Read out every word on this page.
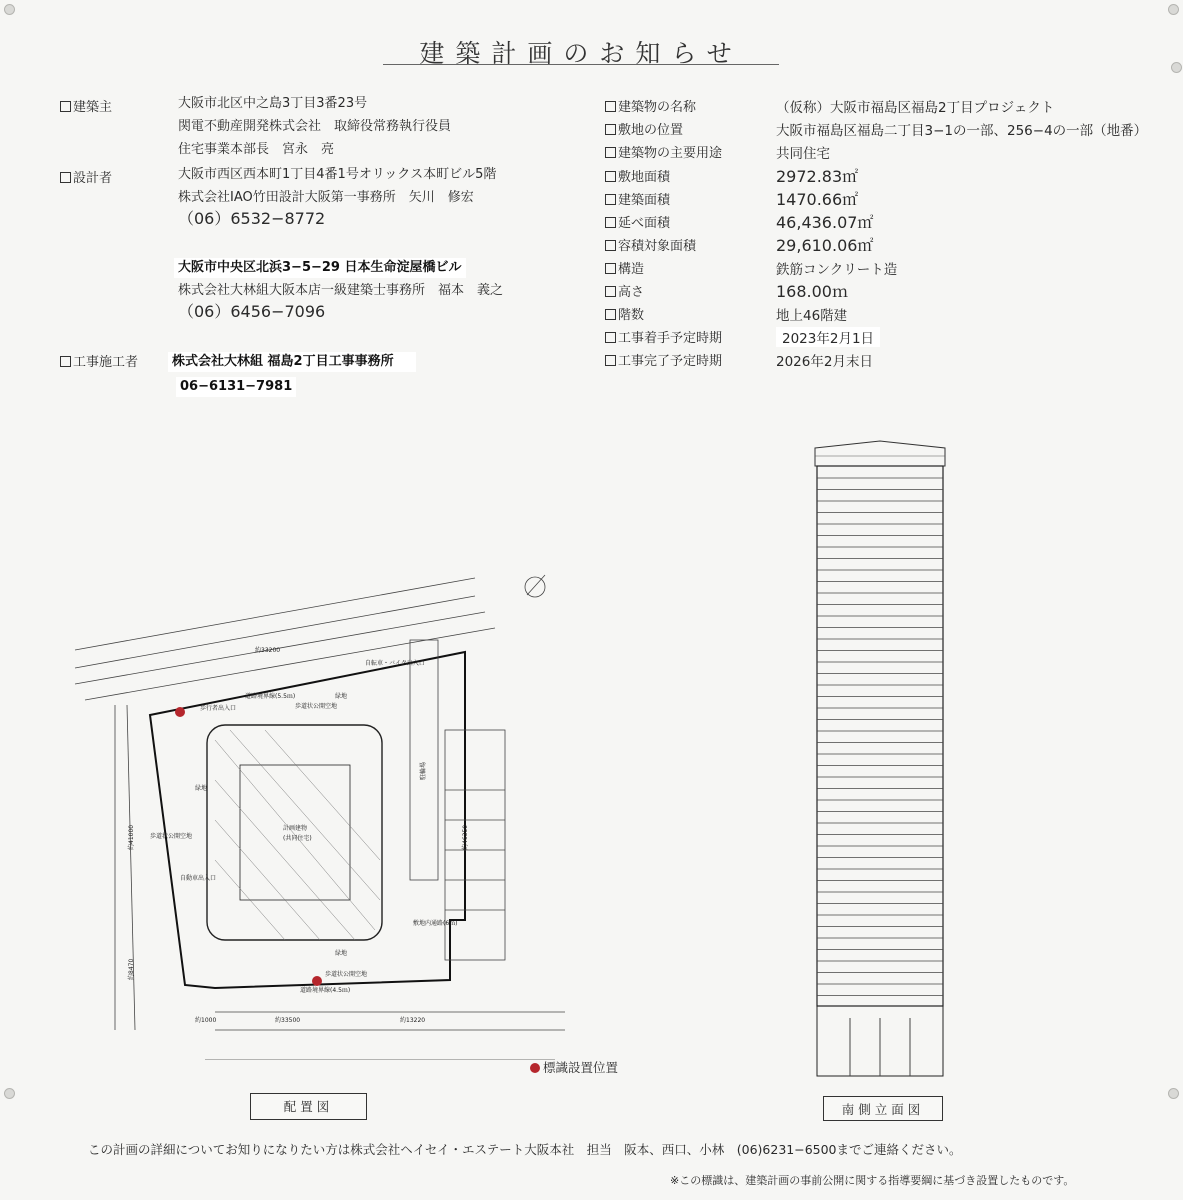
建築計画のお知らせ
建築主	大阪市北区中之島3丁目3番23号
関電不動産開発株式会社　取締役常務執行役員
住宅事業本部長　宮永　亮
設計者	大阪市西区西本町1丁目4番1号オリックス本町ビル5階
株式会社IAO竹田設計大阪第一事務所　矢川　修宏
（06）6532−8772
大阪市中央区北浜3−5−29 日本生命淀屋橋ビル
株式会社大林組大阪本店一級建築士事務所　福本　義之
（06）6456−7096
工事施工者	株式会社大林組 福島2丁目工事事務所
06−6131−7981
建築物の名称	（仮称）大阪市福島区福島2丁目プロジェクト
敷地の位置	大阪市福島区福島二丁目3−1の一部、256−4の一部（地番）
建築物の主要用途	共同住宅
敷地面積	2972.83㎡
建築面積	1470.66㎡
延べ面積	46,436.07㎡
容積対象面積	29,610.06㎡
構造	鉄筋コンクリート造
高さ	168.00ｍ
階数	地上46階建
工事着手予定時期	2023年2月1日
工事完了予定時期	2026年2月末日
約33200
約33500	約13220
約1000
約41000
約8470
約46350
計画建物
(共同住宅)
道路境界線(5.5ｍ)
道路境界線(4.5ｍ)
歩道状公開空地
歩道状公開空地
歩道状公開空地
緑地
緑地
緑地
歩行者出入口
自転車・バイク出入口
自動車出入口
敷地内通路(6ｍ)
駐輪場
標識設置位置
配置図	南側立面図
この計画の詳細についてお知りになりたい方は株式会社ヘイセイ・エステート大阪本社　担当　阪本、西口、小林　(06)6231−6500までご連絡ください。
※この標識は、建築計画の事前公開に関する指導要綱に基づき設置したものです。
